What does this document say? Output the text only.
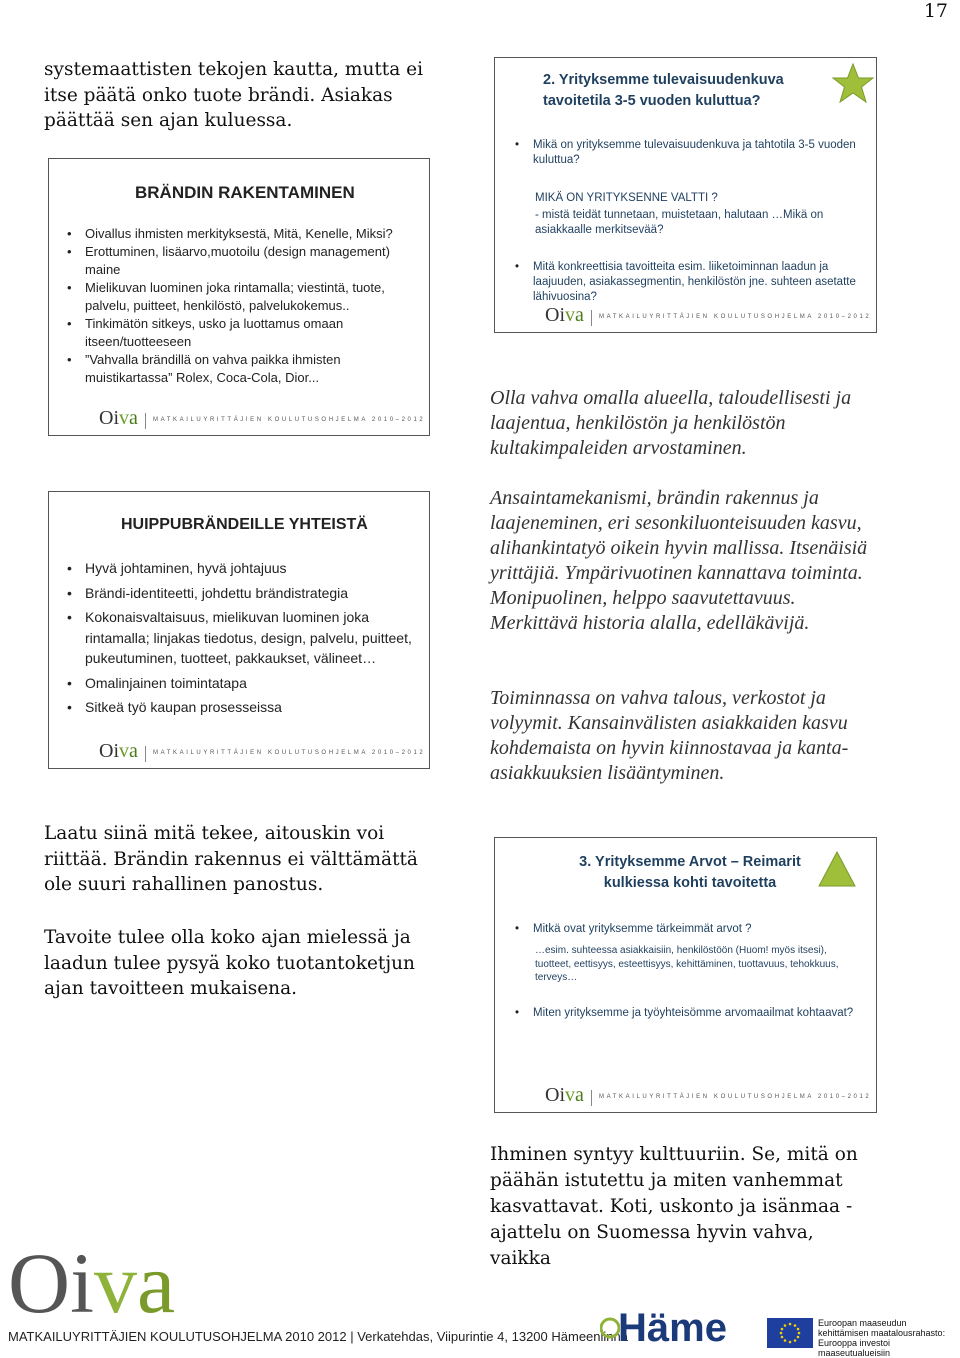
17
systemaattisten tekojen kautta, mutta ei itse päätä onko tuote brändi. Asiakas päättää sen ajan kuluessa.
BRÄNDIN RAKENTAMINEN
• Oivallus ihmisten merkityksestä, Mitä, Kenelle, Miksi?
• Erottuminen, lisäarvo,muotoilu (design management) maine
• Mielikuvan luominen joka rintamalla; viestintä, tuote, palvelu, puitteet, henkilöstö, palvelukokemus..
• Tinkimätön sitkeys, usko ja luottamus omaan itseen/tuotteeseen
• ”Vahvalla brändillä on vahva paikka ihmisten muistikartassa” Rolex, Coca-Cola, Dior...
Oiva	MATKAILUYRITTÄJIEN KOULUTUSOHJELMA 2010–2012
HUIPPUBRÄNDEILLE YHTEISTÄ
• Hyvä johtaminen, hyvä johtajuus
• Brändi-identiteetti, johdettu brändistrategia
• Kokonaisvaltaisuus, mielikuvan luominen joka rintamalla; linjakas tiedotus, design, palvelu, puitteet, pukeutuminen, tuotteet, pakkaukset, välineet…
• Omalinjainen toimintatapa
• Sitkeä työ kaupan prosesseissa
Oiva	MATKAILUYRITTÄJIEN KOULUTUSOHJELMA 2010–2012
Laatu siinä mitä tekee, aitouskin voi riittää. Brändin rakennus ei välttämättä ole suuri rahallinen panostus.
Tavoite tulee olla koko ajan mielessä ja laadun tulee pysyä koko tuotantoketjun ajan tavoitteen mukaisena.
2. Yrityksemme tulevaisuudenkuva tavoitetila 3-5 vuoden kuluttua?
• Mikä on yrityksemme tulevaisuudenkuva ja tahtotila 3-5 vuoden kuluttua?
MIKÄ ON YRITYKSENNE VALTTI ?
- mistä teidät tunnetaan, muistetaan, halutaan …Mikä on asiakkaalle merkitsevää?
• Mitä konkreettisia tavoitteita esim. liiketoiminnan laadun ja laajuuden, asiakassegmentin, henkilöstön jne. suhteen asetatte lähivuosina?
Oiva	MATKAILUYRITTÄJIEN KOULUTUSOHJELMA 2010–2012
Olla vahva omalla alueella, taloudellisesti ja laajentua, henkilöstön ja henkilöstön kultakimpaleiden arvostaminen.
Ansaintamekanismi, brändin rakennus ja laajeneminen, eri sesonkiluonteisuuden kasvu, alihankintatyö oikein hyvin mallissa. Itsenäisiä yrittäjiä. Ympärivuotinen kannattava toiminta. Monipuolinen, helppo saavutettavuus. Merkittävä historia alalla, edelläkävijä.
Toiminnassa on vahva talous, verkostot ja volyymit. Kansainvälisten asiakkaiden kasvu kohdemaista on hyvin kiinnostavaa ja kanta-asiakkuuksien lisääntyminen.
3. Yrityksemme Arvot – Reimarit kulkiessa kohti tavoitetta
• Mitkä ovat yrityksemme tärkeimmät arvot ?
…esim. suhteessa asiakkaisiin, henkilöstöön (Huom! myös itsesi), tuotteet, eettisyys, esteettisyys, kehittäminen, tuottavuus, tehokkuus, terveys…
• Miten yrityksemme ja työyhteisömme arvomaailmat kohtaavat?
Oiva	MATKAILUYRITTÄJIEN KOULUTUSOHJELMA 2010–2012
Ihminen syntyy kulttuuriin. Se, mitä on päähän istutettu ja miten vanhemmat kasvattavat. Koti, uskonto ja isänmaa -ajattelu on Suomessa hyvin vahva, vaikka
Oiva
MATKAILUYRITTÄJIEN KOULUTUSOHJELMA 2010 2012 | Verkatehdas, Viipurintie 4, 13200 Hämeenlinna
Häme	Euroopan maaseudun kehittämisen maatalousrahasto: Eurooppa investoi maaseutualueisiin
